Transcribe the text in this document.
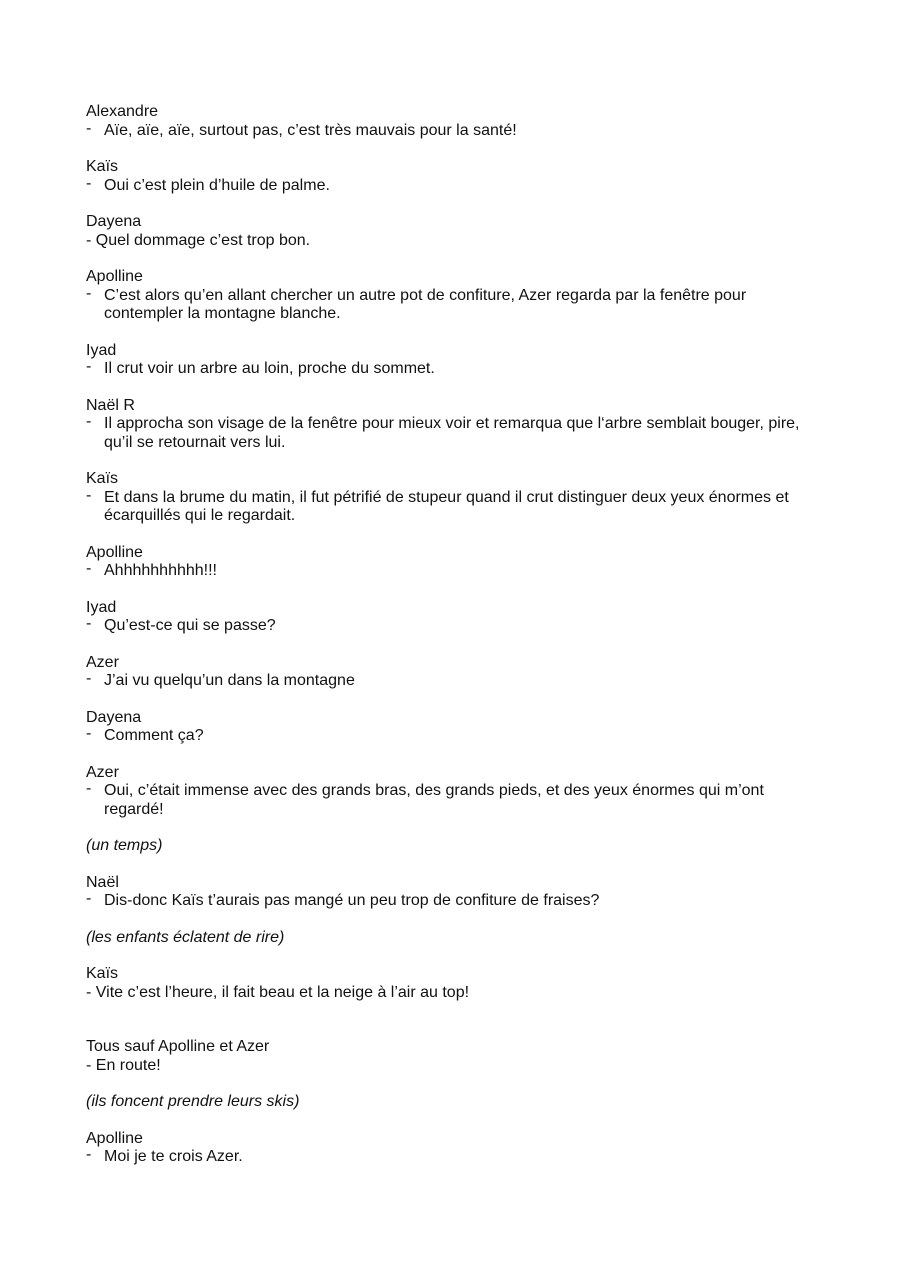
Alexandre
- Aïe, aïe, aïe, surtout pas, c’est très mauvais pour la santé!
Kaïs
- Oui c’est plein d’huile de palme.
Dayena
- Quel dommage c’est trop bon.
Apolline
- C’est alors qu’en allant chercher un autre pot de confiture, Azer regarda par la fenêtre pour contempler la montagne blanche.
Iyad
- Il crut voir un arbre au loin, proche du sommet.
Naël R
- Il approcha son visage de la fenêtre pour mieux voir et remarqua que l‘arbre semblait bouger, pire, qu’il se retournait vers lui.
Kaïs
- Et dans la brume du matin, il fut pétrifié de stupeur quand il crut distinguer deux yeux énormes et écarquillés qui le regardait.
Apolline
- Ahhhhhhhhhh!!!
Iyad
- Qu’est-ce qui se passe?
Azer
- J’ai vu quelqu’un dans la montagne
Dayena
- Comment ça?
Azer
- Oui, c’était immense avec des grands bras, des grands pieds, et des yeux énormes qui m’ont regardé!
(un temps)
Naël
- Dis-donc Kaïs t’aurais pas mangé un peu trop de confiture de fraises?
(les enfants éclatent de rire)
Kaïs
- Vite c’est l’heure, il fait beau et la neige à l’air au top!
Tous sauf Apolline et Azer
- En route!
(ils foncent prendre leurs skis)
Apolline
- Moi je te crois Azer.
